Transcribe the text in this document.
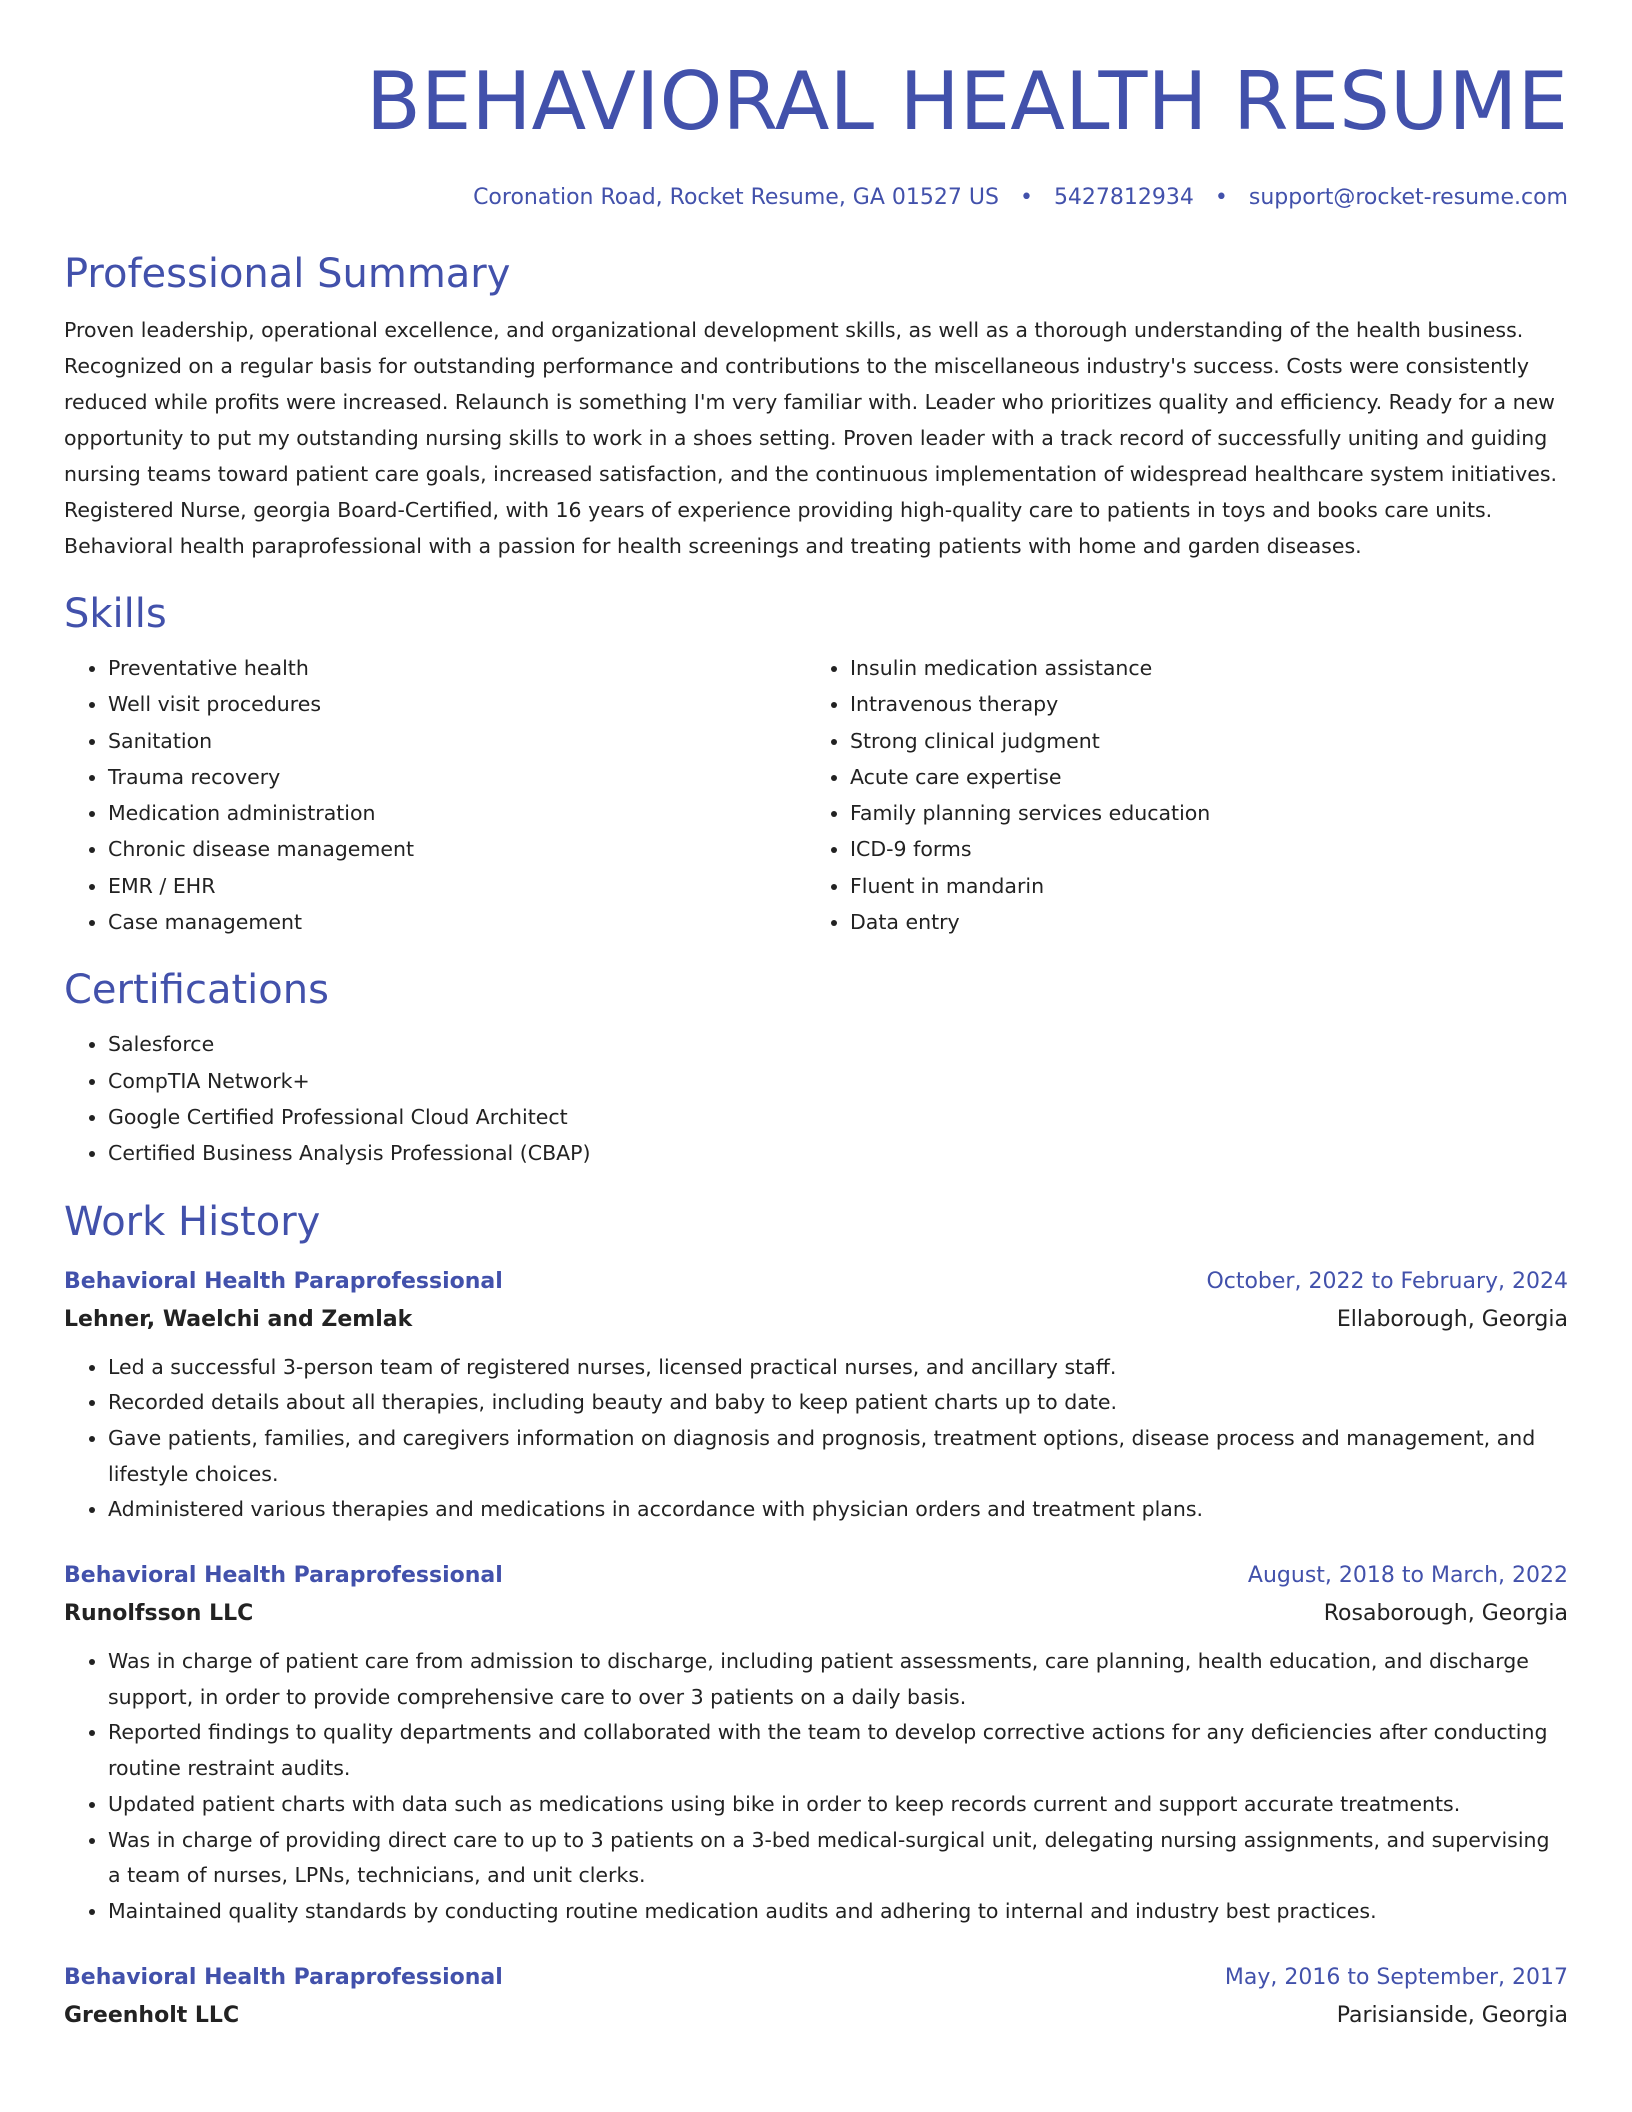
BEHAVIORAL HEALTH RESUME
Coronation Road, Rocket Resume, GA 01527 US • 5427812934 • support@rocket-resume.com
Professional Summary

Proven leadership, operational excellence, and organizational development skills, as well as a thorough understanding of the health business. Recognized on a regular basis for outstanding performance and contributions to the miscellaneous industry's success. Costs were consistently reduced while profits were increased. Relaunch is something I'm very familiar with. Leader who prioritizes quality and efficiency. Ready for a new opportunity to put my outstanding nursing skills to work in a shoes setting. Proven leader with a track record of successfully uniting and guiding nursing teams toward patient care goals, increased satisfaction, and the continuous implementation of widespread healthcare system initiatives. Registered Nurse, georgia Board-Certified, with 16 years of experience providing high-quality care to patients in toys and books care units. Behavioral health paraprofessional with a passion for health screenings and treating patients with home and garden diseases.

Skills
• Preventative health
• Well visit procedures
• Sanitation
• Trauma recovery
• Medication administration
• Chronic disease management
• EMR / EHR
• Case management
• Insulin medication assistance
• Intravenous therapy
• Strong clinical judgment
• Acute care expertise
• Family planning services education
• ICD-9 forms
• Fluent in mandarin
• Data entry
Certifications
• Salesforce
• CompTIA Network+
• Google Certified Professional Cloud Architect
• Certified Business Analysis Professional (CBAP)
Work History
Behavioral Health Paraprofessional	October, 2022 to February, 2024
Lehner, Waelchi and Zemlak	Ellaborough, Georgia
• Led a successful 3-person team of registered nurses, licensed practical nurses, and ancillary staff.
• Recorded details about all therapies, including beauty and baby to keep patient charts up to date.
• Gave patients, families, and caregivers information on diagnosis and prognosis, treatment options, disease process and management, and lifestyle choices.
• Administered various therapies and medications in accordance with physician orders and treatment plans.
Behavioral Health Paraprofessional	August, 2018 to March, 2022
Runolfsson LLC	Rosaborough, Georgia
• Was in charge of patient care from admission to discharge, including patient assessments, care planning, health education, and discharge support, in order to provide comprehensive care to over 3 patients on a daily basis.
• Reported findings to quality departments and collaborated with the team to develop corrective actions for any deficiencies after conducting routine restraint audits.
• Updated patient charts with data such as medications using bike in order to keep records current and support accurate treatments.
• Was in charge of providing direct care to up to 3 patients on a 3-bed medical-surgical unit, delegating nursing assignments, and supervising a team of nurses, LPNs, technicians, and unit clerks.
• Maintained quality standards by conducting routine medication audits and adhering to internal and industry best practices.
Behavioral Health Paraprofessional	May, 2016 to September, 2017
Greenholt LLC	Parisianside, Georgia
